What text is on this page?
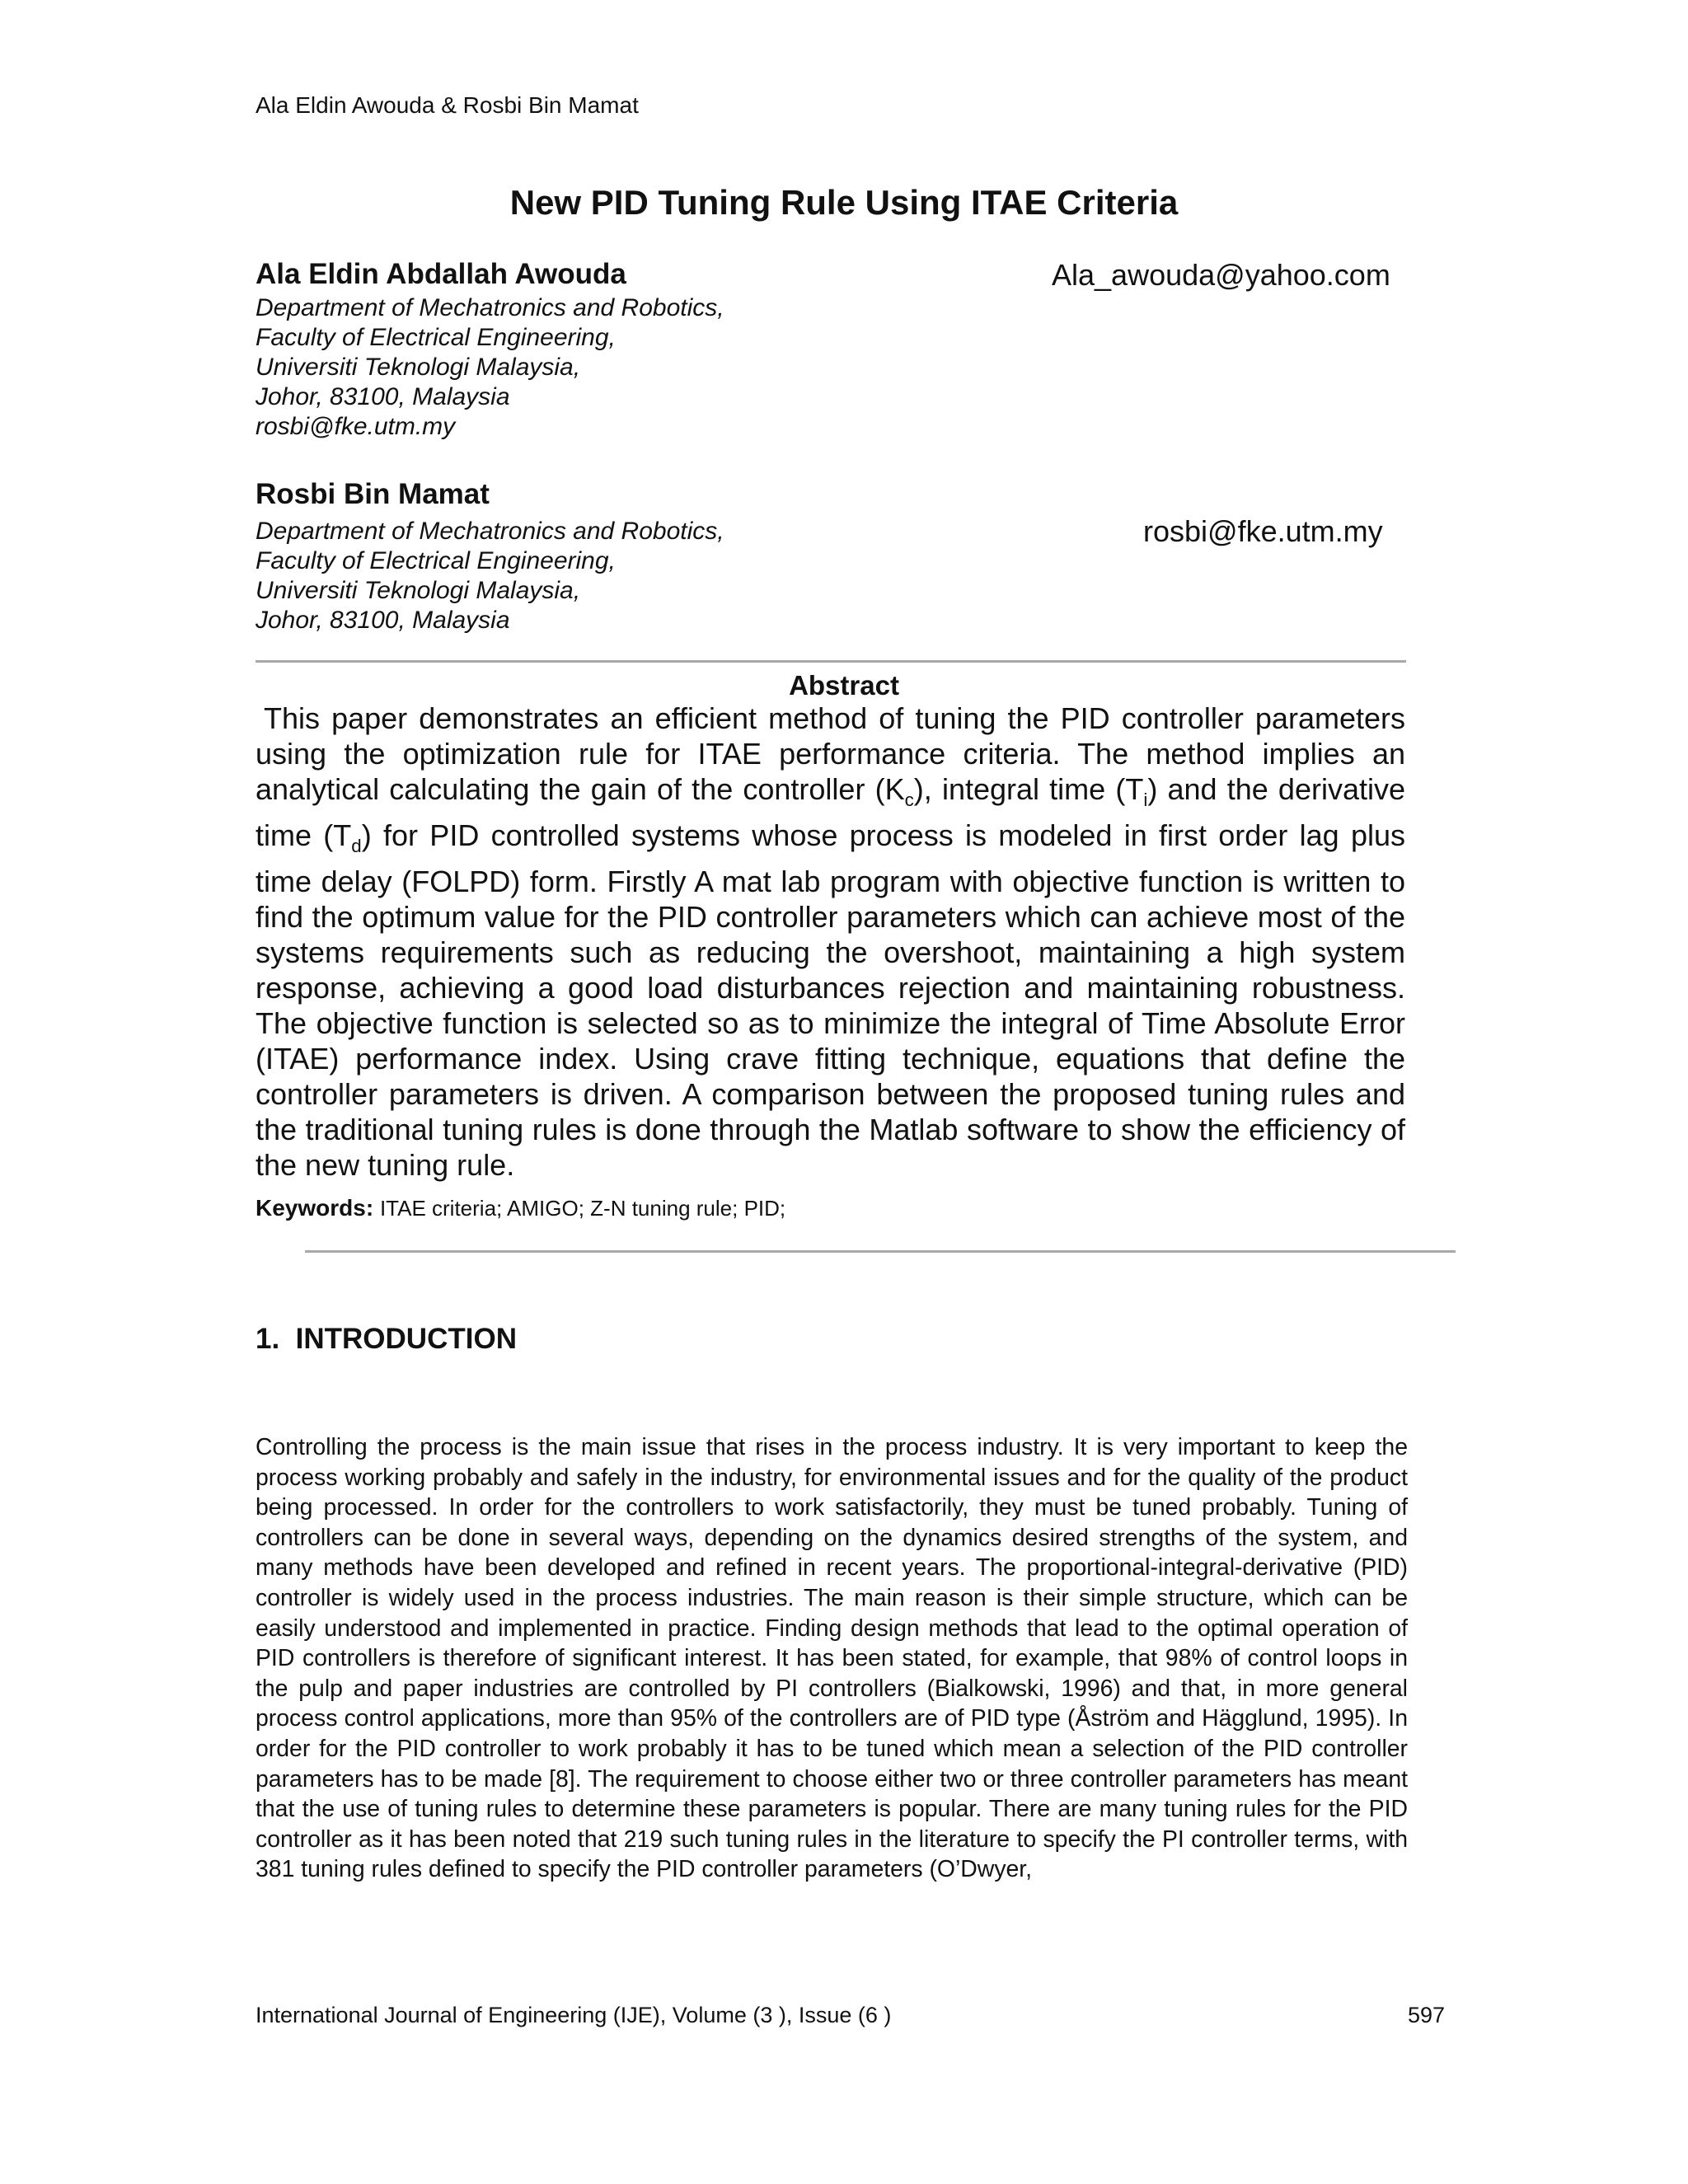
Ala Eldin Awouda & Rosbi Bin Mamat
New PID Tuning Rule Using ITAE Criteria
Ala Eldin Abdallah Awouda	Ala_awouda@yahoo.com
Department of Mechatronics and Robotics,
Faculty of Electrical Engineering,
Universiti Teknologi Malaysia,
Johor, 83100, Malaysia
rosbi@fke.utm.my
Rosbi Bin Mamat
rosbi@fke.utm.my
Department of Mechatronics and Robotics,
Faculty of Electrical Engineering,
Universiti Teknologi Malaysia,
Johor, 83100, Malaysia
Abstract
This paper demonstrates an efficient method of tuning the PID controller parameters using the optimization rule for ITAE performance criteria. The method implies an analytical calculating the gain of the controller $(K_c)$, integral time $(T_i)$ and the derivative time $(T_d)$ for PID controlled systems whose process is modeled in first order lag plus time delay (FOLPD) form. Firstly A mat lab program with objective function is written to find the optimum value for the PID controller parameters which can achieve most of the systems requirements such as reducing the overshoot, maintaining a high system response, achieving a good load disturbances rejection and maintaining robustness. The objective function is selected so as to minimize the integral of Time Absolute Error (ITAE) performance index. Using crave fitting technique, equations that define the controller parameters is driven. A comparison between the proposed tuning rules and the traditional tuning rules is done through the Matlab software to show the efficiency of the new tuning rule.
Keywords: ITAE criteria; AMIGO; Z-N tuning rule; PID;
1. INTRODUCTION

Controlling the process is the main issue that rises in the process industry. It is very important to keep the process working probably and safely in the industry, for environmental issues and for the quality of the product being processed. In order for the controllers to work satisfactorily, they must be tuned probably. Tuning of controllers can be done in several ways, depending on the dynamics desired strengths of the system, and many methods have been developed and refined in recent years. The proportional-integral-derivative (PID) controller is widely used in the process industries. The main reason is their simple structure, which can be easily understood and implemented in practice. Finding design methods that lead to the optimal operation of PID controllers is therefore of significant interest. It has been stated, for example, that 98% of control loops in the pulp and paper industries are controlled by PI controllers (Bialkowski, 1996) and that, in more general process control applications, more than 95% of the controllers are of PID type (Åström and Hägglund, 1995). In order for the PID controller to work probably it has to be tuned which mean a selection of the PID controller parameters has to be made [8]. The requirement to choose either two or three controller parameters has meant that the use of tuning rules to determine these parameters is popular. There are many tuning rules for the PID controller as it has been noted that 219 such tuning rules in the literature to specify the PI controller terms, with 381 tuning rules defined to specify the PID controller parameters (O’Dwyer,

International Journal of Engineering (IJE), Volume (3 ), Issue (6 )	597
